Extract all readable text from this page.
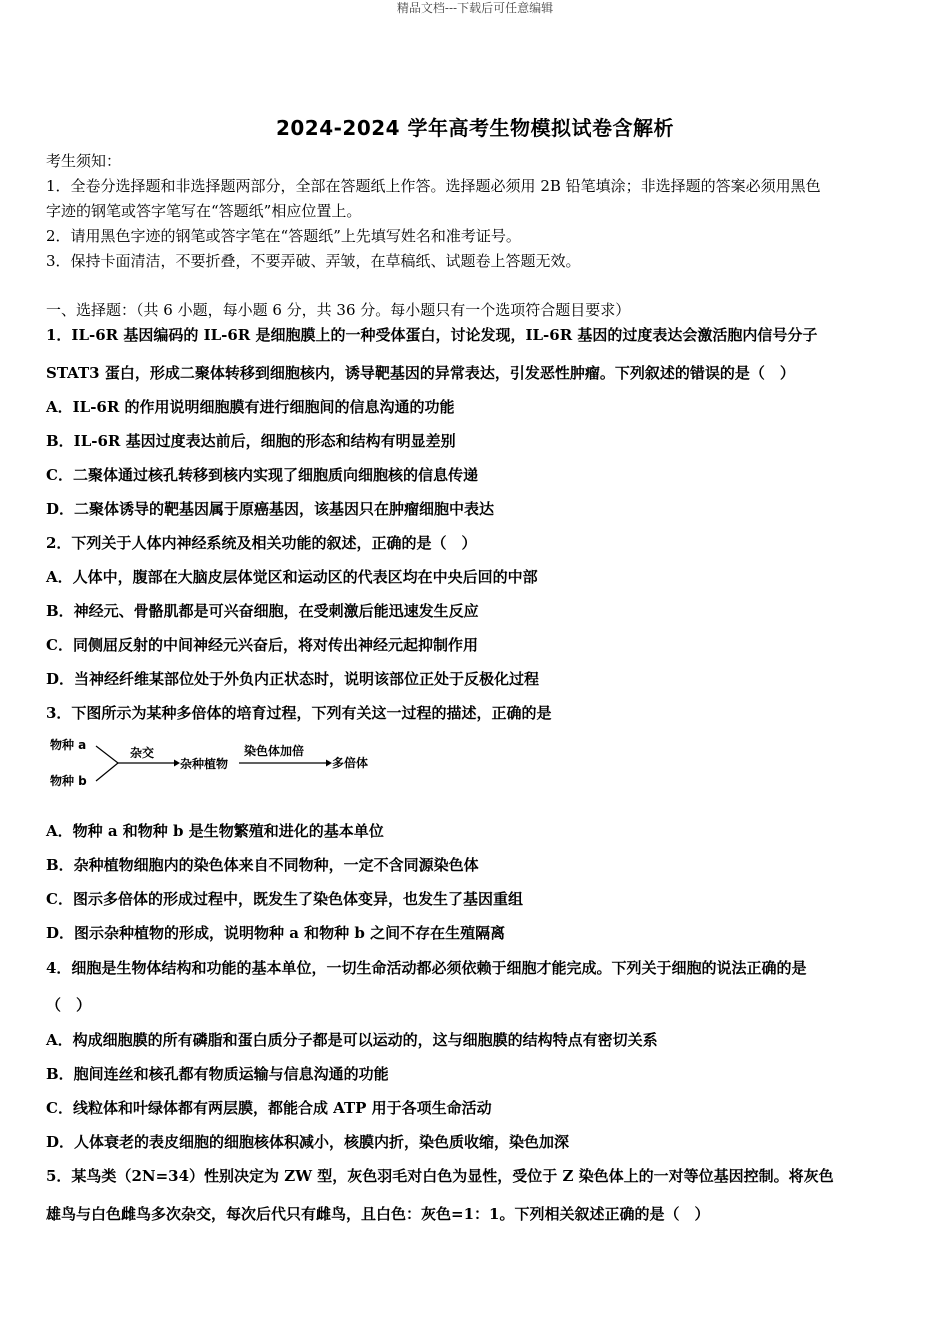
精品文档---下载后可任意编辑
2024-2024 学年高考生物模拟试卷含解析
考生须知：
1．全卷分选择题和非选择题两部分，全部在答题纸上作答。选择题必须用 2B 铅笔填涂；非选择题的答案必须用黑色
字迹的钢笔或答字笔写在“答题纸”相应位置上。
2．请用黑色字迹的钢笔或答字笔在“答题纸”上先填写姓名和准考证号。
3．保持卡面清洁，不要折叠，不要弄破、弄皱，在草稿纸、试题卷上答题无效。
一、选择题：（共 6 小题，每小题 6 分，共 36 分。每小题只有一个选项符合题目要求）
1．IL-6R 基因编码的 IL-6R 是细胞膜上的一种受体蛋白，讨论发现，IL-6R 基因的过度表达会激活胞内信号分子
STAT3 蛋白，形成二聚体转移到细胞核内，诱导靶基因的异常表达，引发恶性肿瘤。下列叙述的错误的是（　）
A．IL-6R 的作用说明细胞膜有进行细胞间的信息沟通的功能
B．IL-6R 基因过度表达前后，细胞的形态和结构有明显差别
C．二聚体通过核孔转移到核内实现了细胞质向细胞核的信息传递
D．二聚体诱导的靶基因属于原癌基因，该基因只在肿瘤细胞中表达
2．下列关于人体内神经系统及相关功能的叙述，正确的是（　）
A．人体中，腹部在大脑皮层体觉区和运动区的代表区均在中央后回的中部
B．神经元、骨骼肌都是可兴奋细胞，在受刺激后能迅速发生反应
C．同侧屈反射的中间神经元兴奋后，将对传出神经元起抑制作用
D．当神经纤维某部位处于外负内正状态时，说明该部位正处于反极化过程
3．下图所示为某种多倍体的培育过程，下列有关这一过程的描述，正确的是
物种 a
物种 b
杂交
杂种植物
染色体加倍
多倍体
A．物种 a 和物种 b 是生物繁殖和进化的基本单位
B．杂种植物细胞内的染色体来自不同物种，一定不含同源染色体
C．图示多倍体的形成过程中，既发生了染色体变异，也发生了基因重组
D．图示杂种植物的形成，说明物种 a 和物种 b 之间不存在生殖隔离
4．细胞是生物体结构和功能的基本单位，一切生命活动都必须依赖于细胞才能完成。下列关于细胞的说法正确的是
（　）
A．构成细胞膜的所有磷脂和蛋白质分子都是可以运动的，这与细胞膜的结构特点有密切关系
B．胞间连丝和核孔都有物质运输与信息沟通的功能
C．线粒体和叶绿体都有两层膜，都能合成 ATP 用于各项生命活动
D．人体衰老的表皮细胞的细胞核体积减小，核膜内折，染色质收缩，染色加深
5．某鸟类（2N=34）性别决定为 ZW 型，灰色羽毛对白色为显性，受位于 Z 染色体上的一对等位基因控制。将灰色
雄鸟与白色雌鸟多次杂交，每次后代只有雌鸟，且白色：灰色=1：1。下列相关叙述正确的是（　）
